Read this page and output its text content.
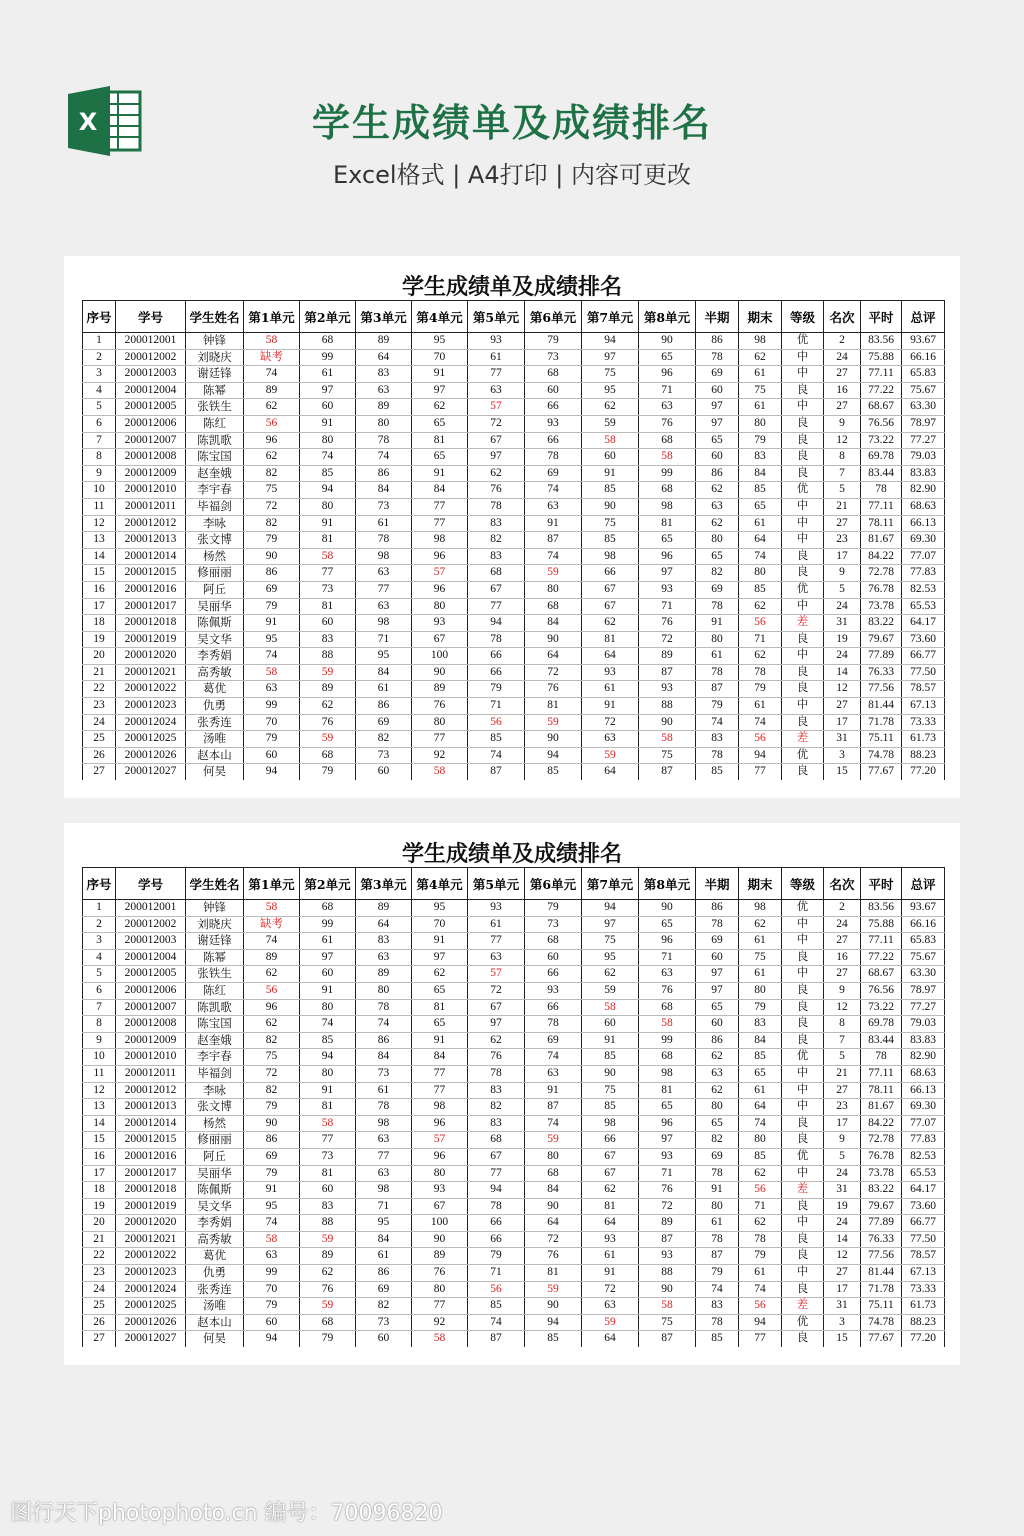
X	学生成绩单及成绩排名
Excel格式 | A4打印 | 内容可更改
学生成绩单及成绩排名
序号	学号	学生姓名	第1单元	第2单元	第3单元	第4单元	第5单元	第6单元	第7单元	第8单元	半期	期末	等级	名次	平时	总评
1	200012001	钟锋	58	68	89	95	93	79	94	90	86	98	优	2	83.56	93.67
2	200012002	刘晓庆	缺考	99	64	70	61	73	97	65	78	62	中	24	75.88	66.16
3	200012003	谢廷锋	74	61	83	91	77	68	75	96	69	61	中	27	77.11	65.83
4	200012004	陈幂	89	97	63	97	63	60	95	71	60	75	良	16	77.22	75.67
5	200012005	张铁生	62	60	89	62	57	66	62	63	97	61	中	27	68.67	63.30
6	200012006	陈红	56	91	80	65	72	93	59	76	97	80	良	9	76.56	78.97
7	200012007	陈凯歌	96	80	78	81	67	66	58	68	65	79	良	12	73.22	77.27
8	200012008	陈宝国	62	74	74	65	97	78	60	58	60	83	良	8	69.78	79.03
9	200012009	赵奎娥	82	85	86	91	62	69	91	99	86	84	良	7	83.44	83.83
10	200012010	李宇春	75	94	84	84	76	74	85	68	62	85	优	5	78	82.90
11	200012011	毕福剑	72	80	73	77	78	63	90	98	63	65	中	21	77.11	68.63
12	200012012	李咏	82	91	61	77	83	91	75	81	62	61	中	27	78.11	66.13
13	200012013	张文博	79	81	78	98	82	87	85	65	80	64	中	23	81.67	69.30
14	200012014	杨然	90	58	98	96	83	74	98	96	65	74	良	17	84.22	77.07
15	200012015	修丽丽	86	77	63	57	68	59	66	97	82	80	良	9	72.78	77.83
16	200012016	阿丘	69	73	77	96	67	80	67	93	69	85	优	5	76.78	82.53
17	200012017	吴丽华	79	81	63	80	77	68	67	71	78	62	中	24	73.78	65.53
18	200012018	陈佩斯	91	60	98	93	94	84	62	76	91	56	差	31	83.22	64.17
19	200012019	吴文华	95	83	71	67	78	90	81	72	80	71	良	19	79.67	73.60
20	200012020	李秀娟	74	88	95	100	66	64	64	89	61	62	中	24	77.89	66.77
21	200012021	高秀敏	58	59	84	90	66	72	93	87	78	78	良	14	76.33	77.50
22	200012022	葛优	63	89	61	89	79	76	61	93	87	79	良	12	77.56	78.57
23	200012023	仇勇	99	62	86	76	71	81	91	88	79	61	中	27	81.44	67.13
24	200012024	张秀连	70	76	69	80	56	59	72	90	74	74	良	17	71.78	73.33
25	200012025	汤唯	79	59	82	77	85	90	63	58	83	56	差	31	75.11	61.73
26	200012026	赵本山	60	68	73	92	74	94	59	75	78	94	优	3	74.78	88.23
27	200012027	何昊	94	79	60	58	87	85	64	87	85	77	良	15	77.67	77.20
学生成绩单及成绩排名
序号	学号	学生姓名	第1单元	第2单元	第3单元	第4单元	第5单元	第6单元	第7单元	第8单元	半期	期末	等级	名次	平时	总评
1	200012001	钟锋	58	68	89	95	93	79	94	90	86	98	优	2	83.56	93.67
2	200012002	刘晓庆	缺考	99	64	70	61	73	97	65	78	62	中	24	75.88	66.16
3	200012003	谢廷锋	74	61	83	91	77	68	75	96	69	61	中	27	77.11	65.83
4	200012004	陈幂	89	97	63	97	63	60	95	71	60	75	良	16	77.22	75.67
5	200012005	张铁生	62	60	89	62	57	66	62	63	97	61	中	27	68.67	63.30
6	200012006	陈红	56	91	80	65	72	93	59	76	97	80	良	9	76.56	78.97
7	200012007	陈凯歌	96	80	78	81	67	66	58	68	65	79	良	12	73.22	77.27
8	200012008	陈宝国	62	74	74	65	97	78	60	58	60	83	良	8	69.78	79.03
9	200012009	赵奎娥	82	85	86	91	62	69	91	99	86	84	良	7	83.44	83.83
10	200012010	李宇春	75	94	84	84	76	74	85	68	62	85	优	5	78	82.90
11	200012011	毕福剑	72	80	73	77	78	63	90	98	63	65	中	21	77.11	68.63
12	200012012	李咏	82	91	61	77	83	91	75	81	62	61	中	27	78.11	66.13
13	200012013	张文博	79	81	78	98	82	87	85	65	80	64	中	23	81.67	69.30
14	200012014	杨然	90	58	98	96	83	74	98	96	65	74	良	17	84.22	77.07
15	200012015	修丽丽	86	77	63	57	68	59	66	97	82	80	良	9	72.78	77.83
16	200012016	阿丘	69	73	77	96	67	80	67	93	69	85	优	5	76.78	82.53
17	200012017	吴丽华	79	81	63	80	77	68	67	71	78	62	中	24	73.78	65.53
18	200012018	陈佩斯	91	60	98	93	94	84	62	76	91	56	差	31	83.22	64.17
19	200012019	吴文华	95	83	71	67	78	90	81	72	80	71	良	19	79.67	73.60
20	200012020	李秀娟	74	88	95	100	66	64	64	89	61	62	中	24	77.89	66.77
21	200012021	高秀敏	58	59	84	90	66	72	93	87	78	78	良	14	76.33	77.50
22	200012022	葛优	63	89	61	89	79	76	61	93	87	79	良	12	77.56	78.57
23	200012023	仇勇	99	62	86	76	71	81	91	88	79	61	中	27	81.44	67.13
24	200012024	张秀连	70	76	69	80	56	59	72	90	74	74	良	17	71.78	73.33
25	200012025	汤唯	79	59	82	77	85	90	63	58	83	56	差	31	75.11	61.73
26	200012026	赵本山	60	68	73	92	74	94	59	75	78	94	优	3	74.78	88.23
27	200012027	何昊	94	79	60	58	87	85	64	87	85	77	良	15	77.67	77.20
图行天下photophoto.cn 编号：70096820
